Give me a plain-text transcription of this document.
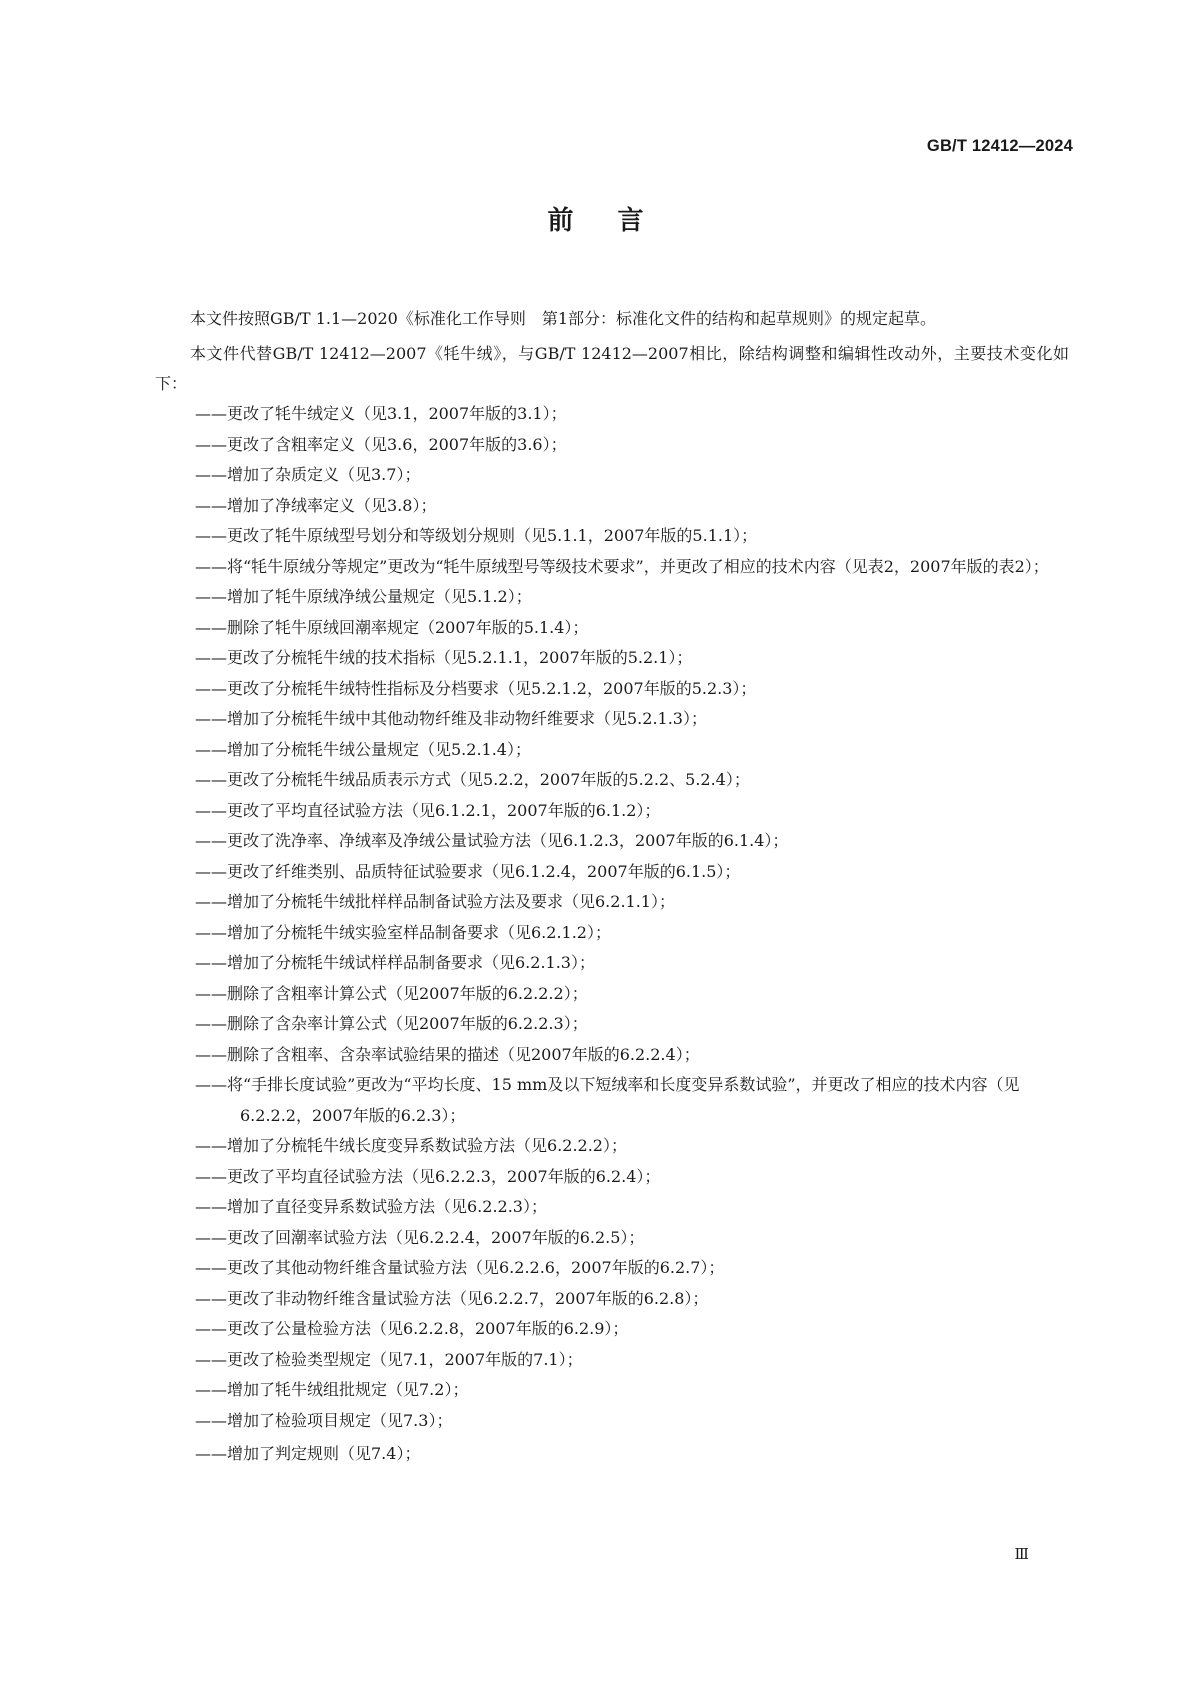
GB/T 12412—2024
前言

本文件按照GB/T 1.1—2020《标准化工作导则　第1部分：标准化文件的结构和起草规则》的规定起草。

本文件代替GB/T 12412—2007《牦牛绒》，与GB/T 12412—2007相比，除结构调整和编辑性改动外，主要技术变化如下：

——更改了牦牛绒定义（见3.1，2007年版的3.1）；
——更改了含粗率定义（见3.6，2007年版的3.6）；
——增加了杂质定义（见3.7）；
——增加了净绒率定义（见3.8）；
——更改了牦牛原绒型号划分和等级划分规则（见5.1.1，2007年版的5.1.1）；
——将“牦牛原绒分等规定”更改为“牦牛原绒型号等级技术要求”，并更改了相应的技术内容（见表2，2007年版的表2）；
——增加了牦牛原绒净绒公量规定（见5.1.2）；
——删除了牦牛原绒回潮率规定（2007年版的5.1.4）；
——更改了分梳牦牛绒的技术指标（见5.2.1.1，2007年版的5.2.1）；
——更改了分梳牦牛绒特性指标及分档要求（见5.2.1.2，2007年版的5.2.3）；
——增加了分梳牦牛绒中其他动物纤维及非动物纤维要求（见5.2.1.3）；
——增加了分梳牦牛绒公量规定（见5.2.1.4）；
——更改了分梳牦牛绒品质表示方式（见5.2.2，2007年版的5.2.2、5.2.4）；
——更改了平均直径试验方法（见6.1.2.1，2007年版的6.1.2）；
——更改了洗净率、净绒率及净绒公量试验方法（见6.1.2.3，2007年版的6.1.4）；
——更改了纤维类别、品质特征试验要求（见6.1.2.4，2007年版的6.1.5）；
——增加了分梳牦牛绒批样样品制备试验方法及要求（见6.2.1.1）；
——增加了分梳牦牛绒实验室样品制备要求（见6.2.1.2）；
——增加了分梳牦牛绒试样样品制备要求（见6.2.1.3）；
——删除了含粗率计算公式（见2007年版的6.2.2.2）；
——删除了含杂率计算公式（见2007年版的6.2.2.3）；
——删除了含粗率、含杂率试验结果的描述（见2007年版的6.2.2.4）；
——将“手排长度试验”更改为“平均长度、15 mm及以下短绒率和长度变异系数试验”，并更改了相应的技术内容（见6.2.2.2，2007年版的6.2.3）；
——增加了分梳牦牛绒长度变异系数试验方法（见6.2.2.2）；
——更改了平均直径试验方法（见6.2.2.3，2007年版的6.2.4）；
——增加了直径变异系数试验方法（见6.2.2.3）；
——更改了回潮率试验方法（见6.2.2.4，2007年版的6.2.5）；
——更改了其他动物纤维含量试验方法（见6.2.2.6，2007年版的6.2.7）；
——更改了非动物纤维含量试验方法（见6.2.2.7，2007年版的6.2.8）；
——更改了公量检验方法（见6.2.2.8，2007年版的6.2.9）；
——更改了检验类型规定（见7.1，2007年版的7.1）；
——增加了牦牛绒组批规定（见7.2）；
——增加了检验项目规定（见7.3）；
——增加了判定规则（见7.4）；
Ⅲ
